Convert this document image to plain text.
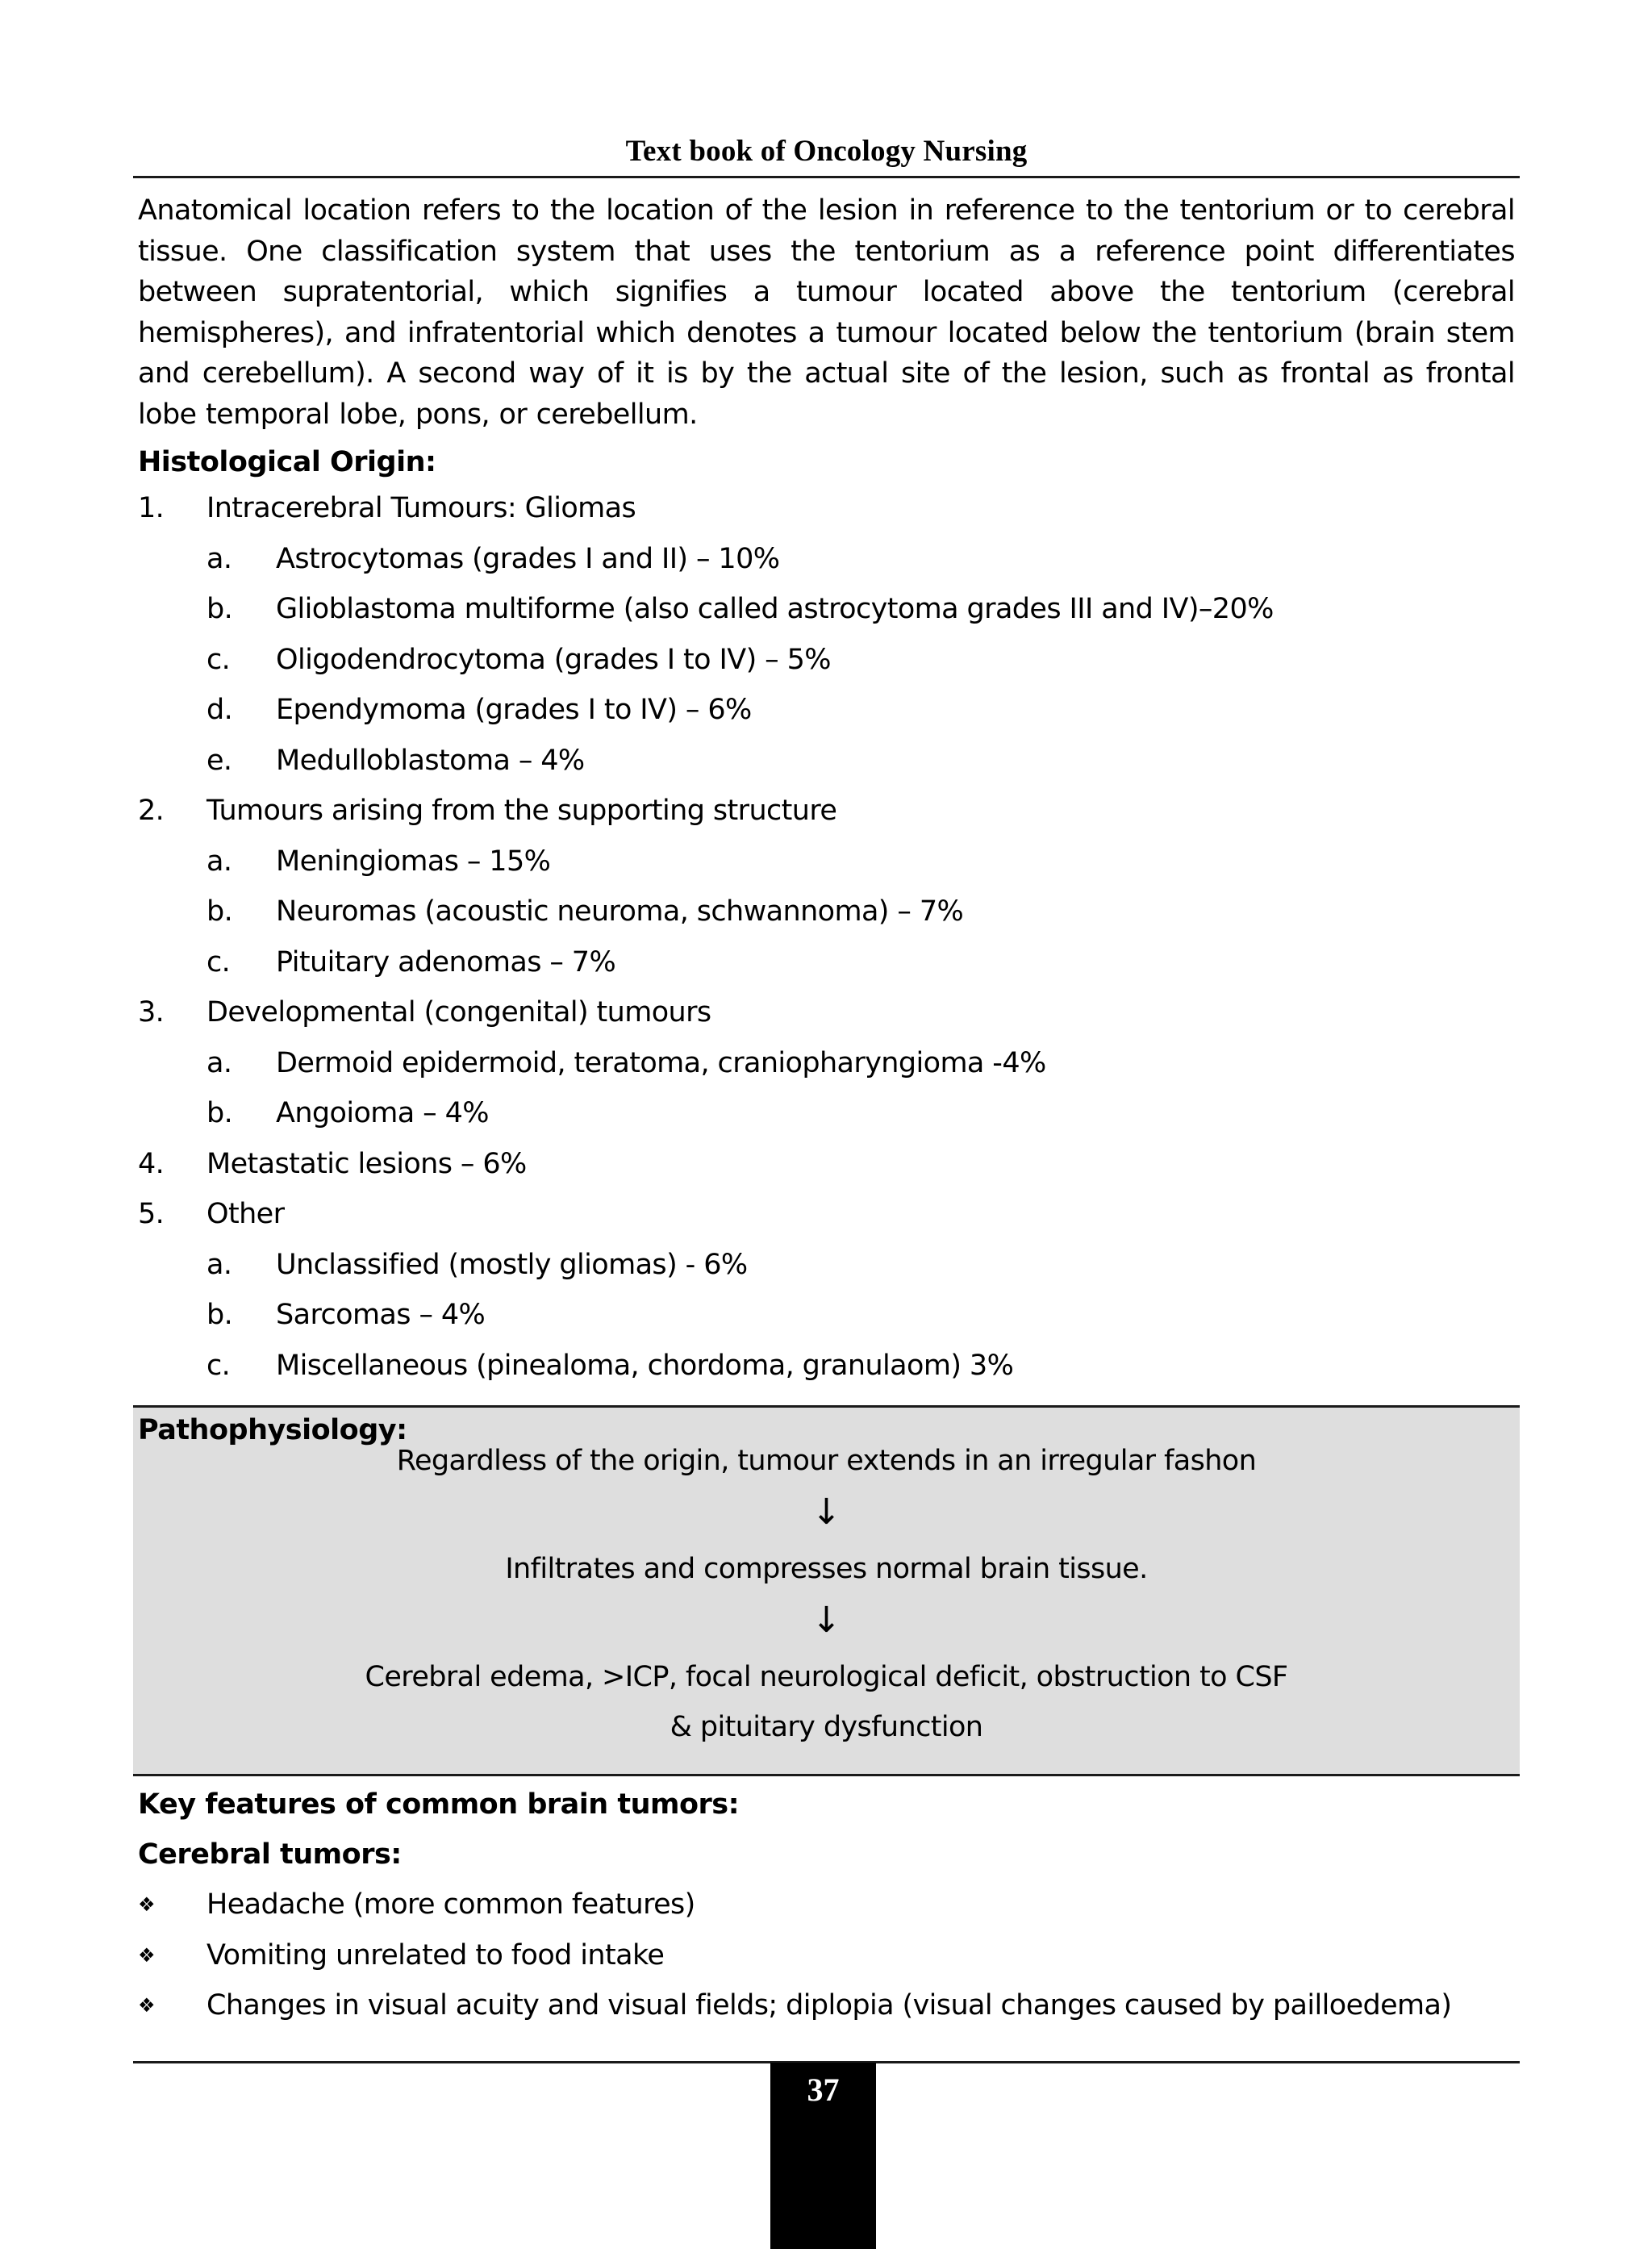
Text book of Oncology Nursing
Anatomical location refers to the location of the lesion in reference to the tentorium or to cerebral tissue. One classification system that uses the tentorium as a reference point differentiates between supratentorial, which signifies a tumour located above the tentorium (cerebral hemispheres), and infratentorial which denotes a tumour located below the tentorium (brain stem and cerebellum). A second way of it is by the actual site of the lesion, such as frontal as frontal lobe temporal lobe, pons, or cerebellum.
Histological Origin:
1. Intracerebral Tumours: Gliomas
a. Astrocytomas (grades I and II) – 10%
b. Glioblastoma multiforme (also called astrocytoma grades III and IV)–20%
c. Oligodendrocytoma (grades I to IV) – 5%
d. Ependymoma (grades I to IV) – 6%
e. Medulloblastoma – 4%
2. Tumours arising from the supporting structure
a. Meningiomas – 15%
b. Neuromas (acoustic neuroma, schwannoma) – 7%
c. Pituitary adenomas – 7%
3. Developmental (congenital) tumours
a. Dermoid epidermoid, teratoma, craniopharyngioma -4%
b. Angoioma – 4%
4. Metastatic lesions – 6%
5. Other
a. Unclassified (mostly gliomas) - 6%
b. Sarcomas – 4%
c. Miscellaneous (pinealoma, chordoma, granulaom) 3%
Pathophysiology:
Regardless of the origin, tumour extends in an irregular fashon
↓
Infiltrates and compresses normal brain tissue.
↓
Cerebral edema, >ICP, focal neurological deficit, obstruction to CSF
& pituitary dysfunction
Key features of common brain tumors:
Cerebral tumors:
❖ Headache (more common features)
❖ Vomiting unrelated to food intake
❖ Changes in visual acuity and visual fields; diplopia (visual changes caused by pailloedema)
37
